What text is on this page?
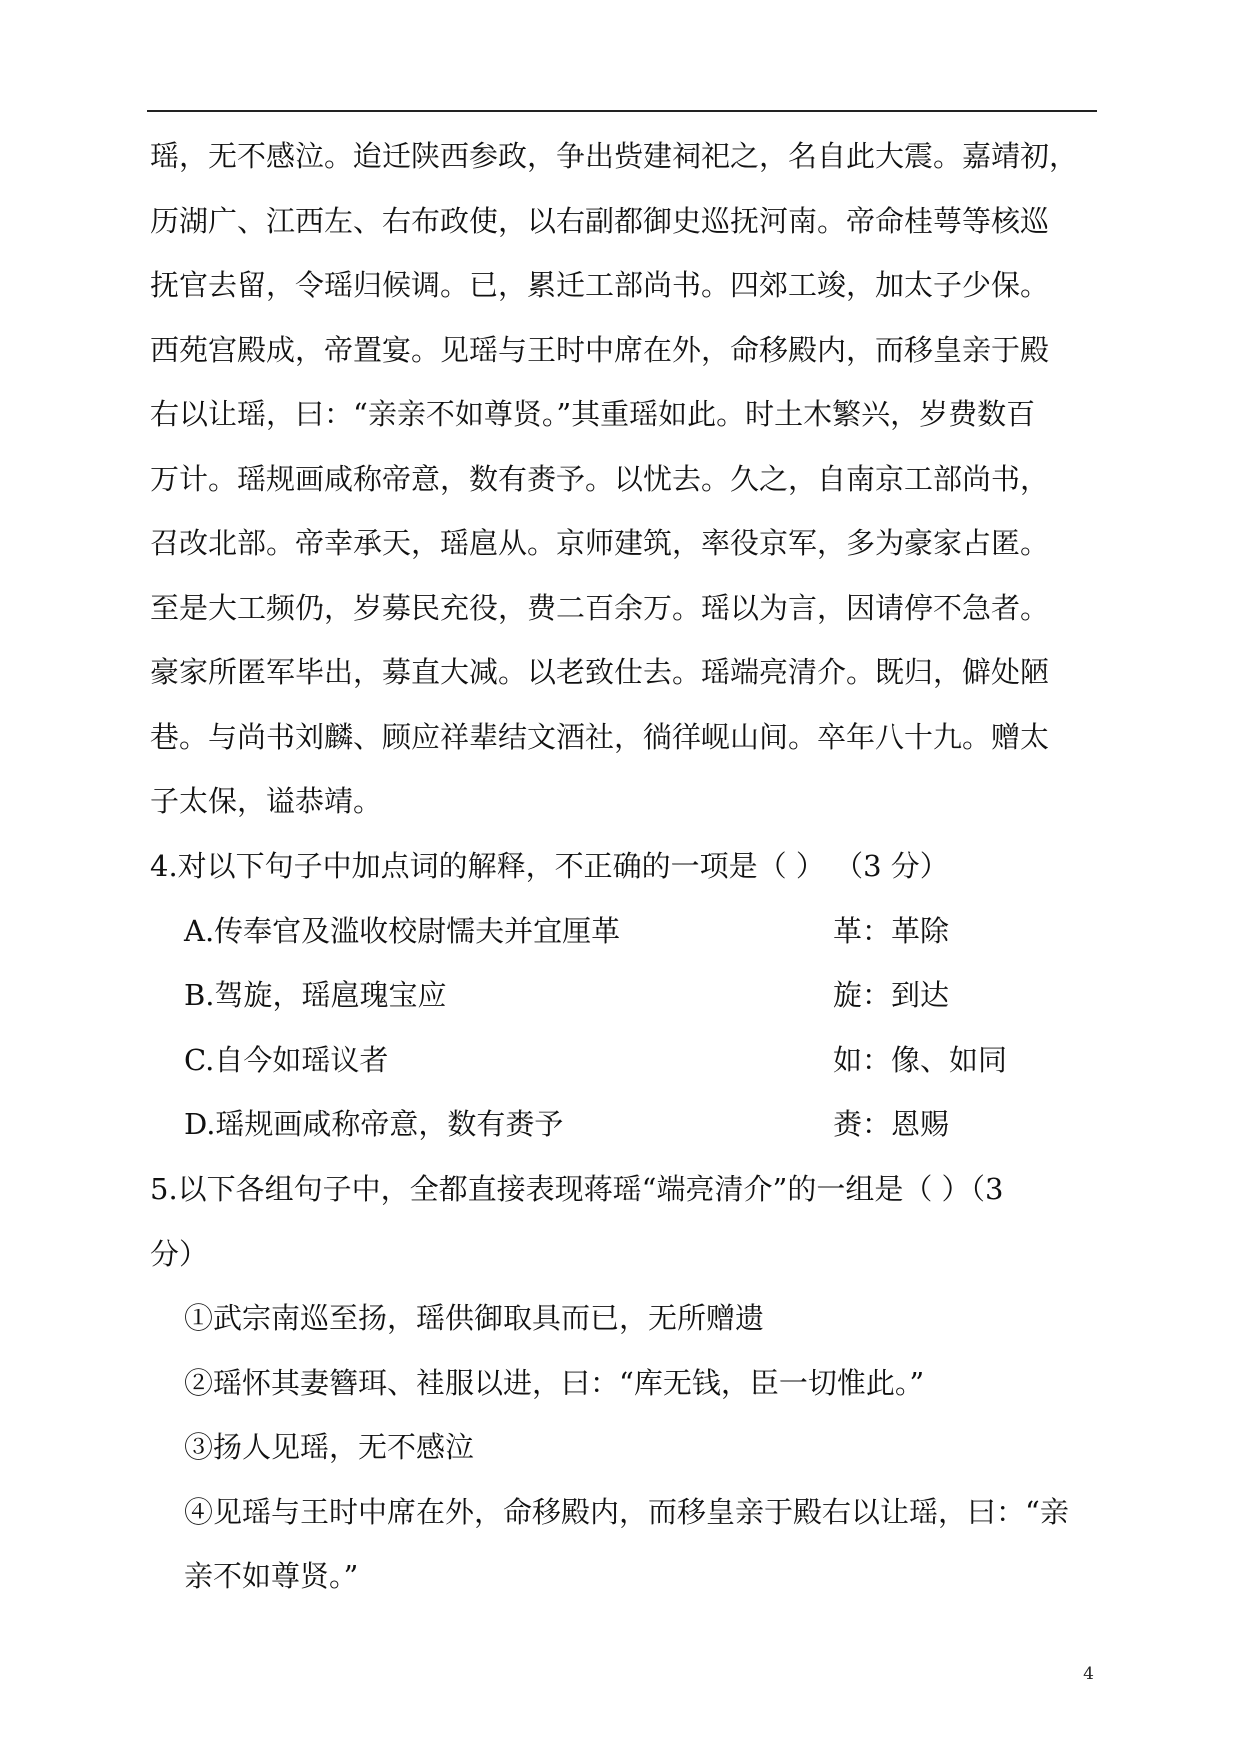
瑶，无不感泣。迨迁陕西参政，争出赀建祠祀之，名自此大震。嘉靖初，
历湖广、江西左、右布政使，以右副都御史巡抚河南。帝命桂萼等核巡
抚官去留，令瑶归候调。已，累迁工部尚书。四郊工竣，加太子少保。
西苑宫殿成，帝置宴。见瑶与王时中席在外，命移殿内，而移皇亲于殿
右以让瑶，曰：“亲亲不如尊贤。”其重瑶如此。时土木繁兴，岁费数百
万计。瑶规画咸称帝意，数有赉予。以忧去。久之，自南京工部尚书，
召改北部。帝幸承天，瑶扈从。京师建筑，率役京军，多为豪家占匿。
至是大工频仍，岁募民充役，费二百余万。瑶以为言，因请停不急者。
豪家所匿军毕出，募直大减。以老致仕去。瑶端亮清介。既归，僻处陋
巷。与尚书刘麟、顾应祥辈结文酒社，徜徉岘山间。卒年八十九。赠太
子太保，谥恭靖。
4.对以下句子中加点词的解释，不正确的一项是（ ） （3 分）
A.传奉官及滥收校尉懦夫并宜厘革	革：革除
B.驾旋，瑶扈瑰宝应	旋：到达
C.自今如瑶议者	如：像、如同
D.瑶规画咸称帝意，数有赉予	赉：恩赐
5.以下各组句子中，全都直接表现蒋瑶“端亮清介”的一组是（ ）（3
分）
①武宗南巡至扬，瑶供御取具而已，无所赠遗
②瑶怀其妻簪珥、袿服以进，曰：“库无钱，臣一切惟此。”
③扬人见瑶，无不感泣
④见瑶与王时中席在外，命移殿内，而移皇亲于殿右以让瑶，曰：“亲
亲不如尊贤。”
4
